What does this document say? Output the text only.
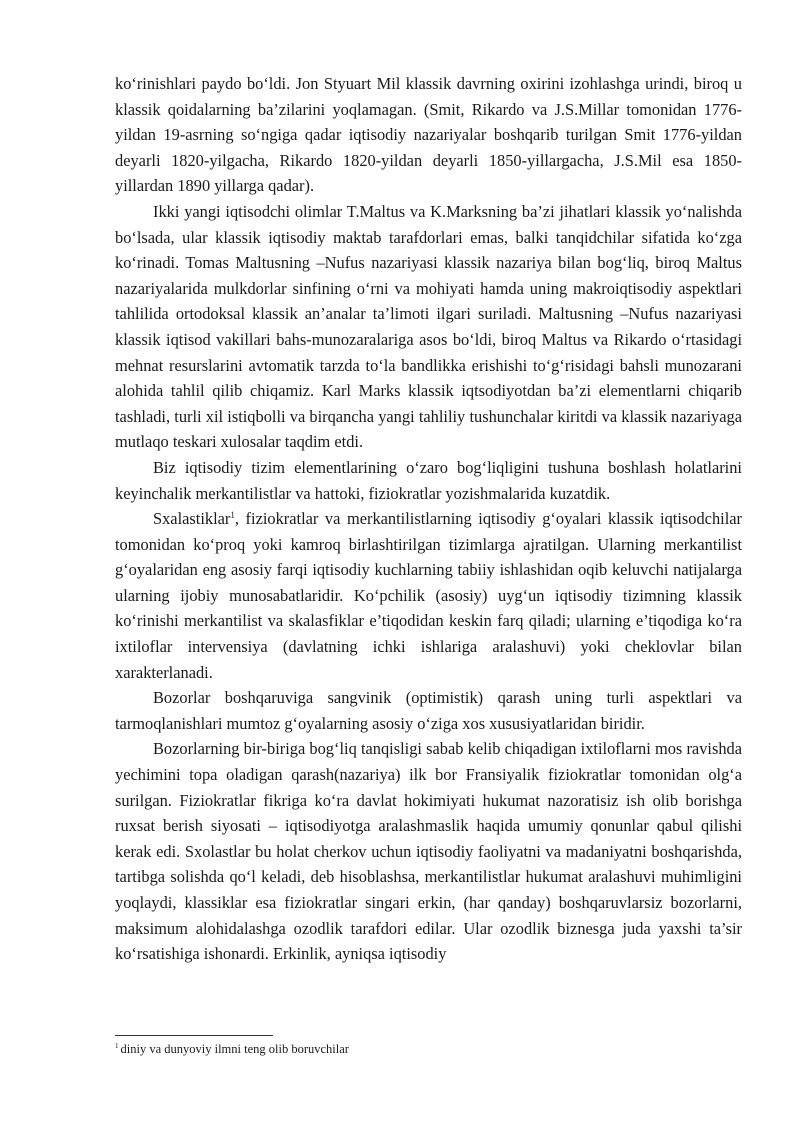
ko‘rinishlari paydo bo‘ldi. Jon Styuart Mil klassik davrning oxirini izohlashga urindi, biroq u klassik qoidalarning ba’zilarini yoqlamagan. (Smit, Rikardo va J.S.Millar tomonidan 1776-yildan 19-asrning so‘ngiga qadar iqtisodiy nazariyalar boshqarib turilgan Smit 1776-yildan deyarli 1820-yilgacha, Rikardo 1820-yildan deyarli 1850-yillargacha, J.S.Mil esa 1850-yillardan 1890 yillarga qadar).

Ikki yangi iqtisodchi olimlar T.Maltus va K.Marksning ba’zi jihatlari klassik yo‘nalishda bo‘lsada, ular klassik iqtisodiy maktab tarafdorlari emas, balki tanqidchilar sifatida ko‘zga ko‘rinadi. Tomas Maltusning –Nufus nazariyasi klassik nazariya bilan bog‘liq, biroq Maltus nazariyalarida mulkdorlar sinfining o‘rni va mohiyati hamda uning makroiqtisodiy aspektlari tahlilida ortodoksal klassik an’analar ta’limoti ilgari suriladi. Maltusning –Nufus nazariyasi klassik iqtisod vakillari bahs-munozaralariga asos bo‘ldi, biroq Maltus va Rikardo o‘rtasidagi mehnat resurslarini avtomatik tarzda to‘la bandlikka erishishi to‘g‘risidagi bahsli munozarani alohida tahlil qilib chiqamiz. Karl Marks klassik iqtsodiyotdan ba’zi elementlarni chiqarib tashladi, turli xil istiqbolli va birqancha yangi tahliliy tushunchalar kiritdi va klassik nazariyaga mutlaqo teskari xulosalar taqdim etdi.

Biz iqtisodiy tizim elementlarining o‘zaro bog‘liqligini tushuna boshlash holatlarini keyinchalik merkantilistlar va hattoki, fiziokratlar yozishmalarida kuzatdik.

Sxalastiklar$^1$, fiziokratlar va merkantilistlarning iqtisodiy g‘oyalari klassik iqtisodchilar tomonidan ko‘proq yoki kamroq birlashtirilgan tizimlarga ajratilgan. Ularning merkantilist g‘oyalaridan eng asosiy farqi iqtisodiy kuchlarning tabiiy ishlashidan oqib keluvchi natijalarga ularning ijobiy munosabatlaridir. Ko‘pchilik (asosiy) uyg‘un iqtisodiy tizimning klassik ko‘rinishi merkantilist va skalasfiklar e’tiqodidan keskin farq qiladi; ularning e’tiqodiga ko‘ra ixtiloflar intervensiya (davlatning ichki ishlariga aralashuvi) yoki cheklovlar bilan xarakterlanadi.

Bozorlar boshqaruviga sangvinik (optimistik) qarash uning turli aspektlari va tarmoqlanishlari mumtoz g‘oyalarning asosiy o‘ziga xos xususiyatlaridan biridir.

Bozorlarning bir-biriga bog‘liq tanqisligi sabab kelib chiqadigan ixtiloflarni mos ravishda yechimini topa oladigan qarash(nazariya) ilk bor Fransiyalik fiziokratlar tomonidan olg‘a surilgan. Fiziokratlar fikriga ko‘ra davlat hokimiyati hukumat nazoratisiz ish olib borishga ruxsat berish siyosati – iqtisodiyotga aralashmaslik haqida umumiy qonunlar qabul qilishi kerak edi. Sxolastlar bu holat cherkov uchun iqtisodiy faoliyatni va madaniyatni boshqarishda, tartibga solishda qo‘l keladi, deb hisoblashsa, merkantilistlar hukumat aralashuvi muhimligini yoqlaydi, klassiklar esa fiziokratlar singari erkin, (har qanday) boshqaruvlarsiz bozorlarni, maksimum alohidalashga ozodlik tarafdori edilar. Ular ozodlik biznesga juda yaxshi ta’sir ko‘rsatishiga ishonardi. Erkinlik, ayniqsa iqtisodiy

$^1$ diniy va dunyoviy ilmni teng olib boruvchilar
